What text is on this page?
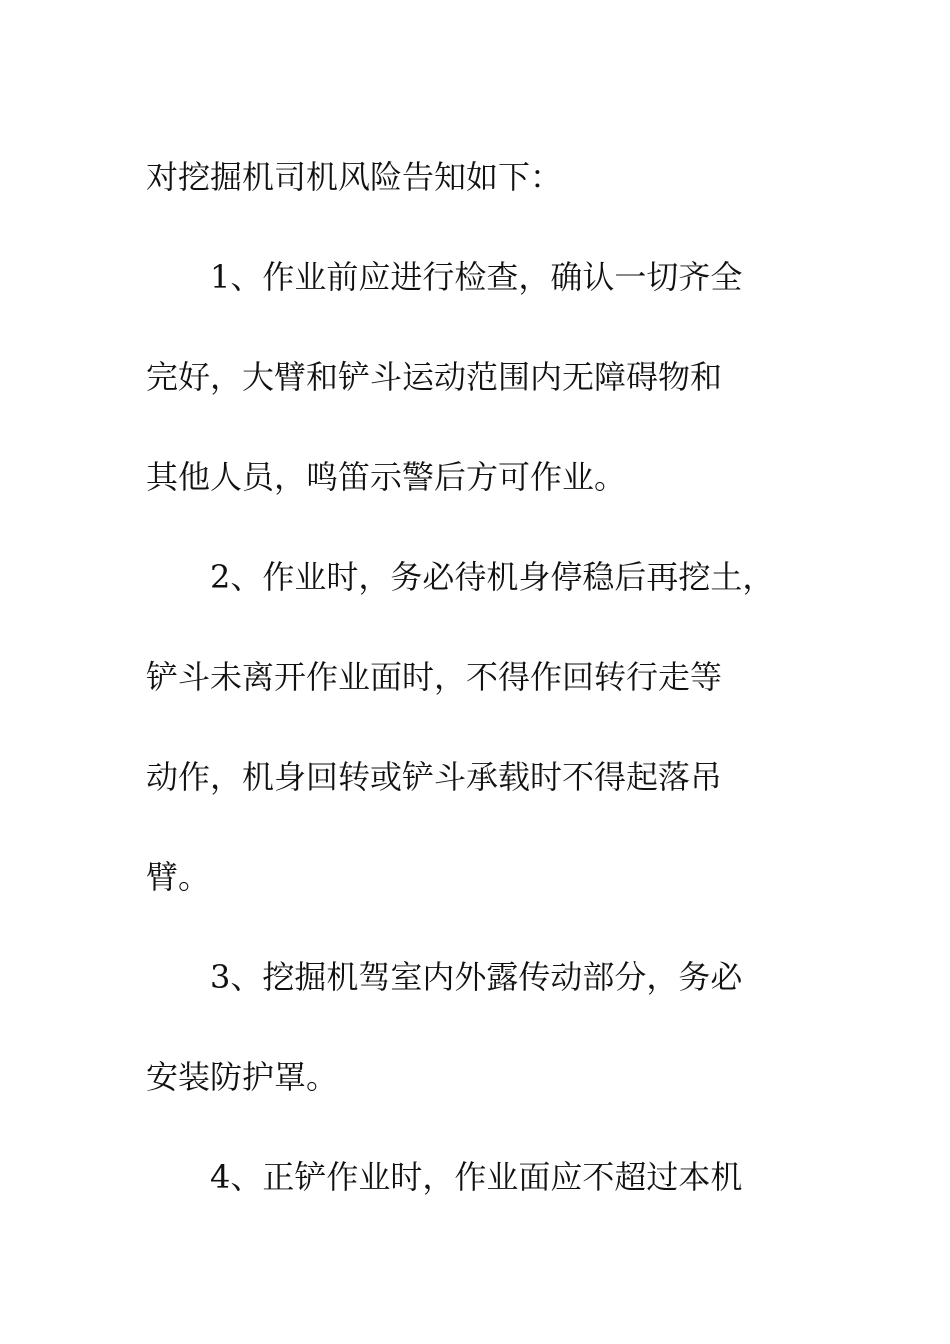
对挖掘机司机风险告知如下：

1、作业前应进行检查，确认一切齐全

完好，大臂和铲斗运动范围内无障碍物和

其他人员，鸣笛示警后方可作业。

2、作业时，务必待机身停稳后再挖土，

铲斗未离开作业面时，不得作回转行走等

动作，机身回转或铲斗承载时不得起落吊

臂。

3、挖掘机驾室内外露传动部分，务必

安装防护罩。

4、正铲作业时，作业面应不超过本机
